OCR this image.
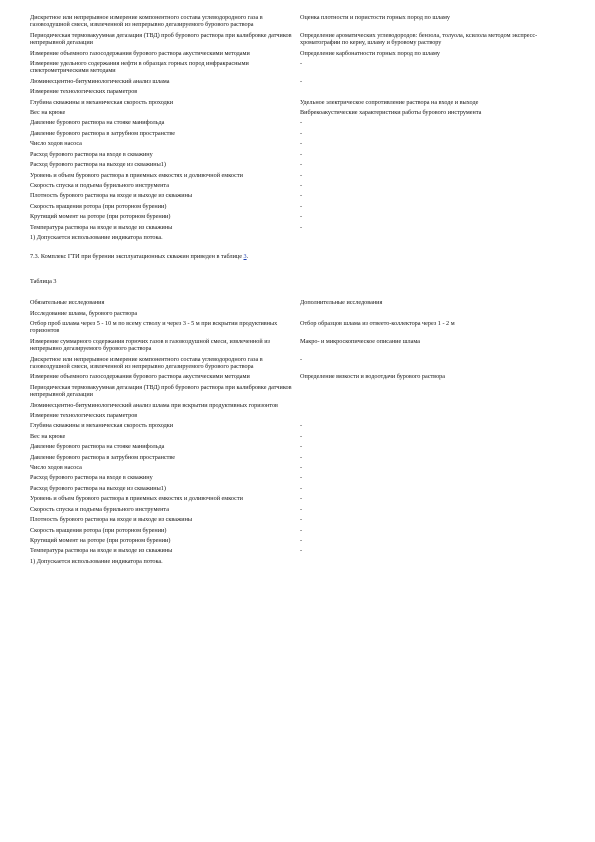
Дискретное или непрерывное измерение компонентного состава углеводородного газа в газовоздушной смеси, извлеченной из непрерывно дегазируемого бурового раствора	Оценка плотности и пористости горных пород по шламу
Периодическая термовакуумная дегазация (ТВД) проб бурового раствора при калибровке датчиков непрерывной дегазации	Определение ароматических углеводородов: бензола, толуола, ксилола методом экспресс-хроматографии по керну, шламу и буровому раствору
Измерение объемного газосодержания бурового раствора акустическими методами	Определение карбонатности горных пород по шламу
Измерение удельного содержания нефти в образцах горных пород инфракрасными спектрометрическими методами	-
Люминесцентно-битуминологический анализ шлама	-
Измерение технологических параметров	
Глубина скважины и механическая скорость проходки	Удельное электрическое сопротивление раствора на входе и выходе
Вес на крюке	Вибрекоакустические характеристики работы бурового инструмента
Давление бурового раствора на стояке манифольда	-
Давление бурового раствора в затрубном пространстве	-
Число ходов насоса	-
Расход бурового раствора на входе в скважину	-
Расход бурового раствора на выходе из скважины1)	-
Уровень и объем бурового раствора в приемных емкостях и доливочной емкости	-
Скорость спуска и подъема бурильного инструмента	-
Плотность бурового раствора на входе и выходе из скважины	-
Скорость вращения ротора (при роторном бурении)	-
Крутящий момент на роторе (при роторном бурении)	-
Температура раствора на входе и выходе из скважины	-
1) Допускается использование индикатора потока.
7.3. Комплекс ГТИ при бурении эксплуатационных скважин приведен в таблице 3.
Таблица 3
Обязательные исследования	Дополнительные исследования
Исследование шлама, бурового раствора	
Отбор проб шлама через 5 - 10 м по всему стволу и через 3 - 5 м при вскрытии продуктивных горизонтов	Отбор образцов шлама из отвеето-коллектора через 1 - 2 м
Измерение суммарного содержания горючих газов в газовоздушной смеси, извлеченной из непрерывно дегазируемого бурового раствора	Макро- и микроскопическое описание шлама
Дискретное или непрерывное измерение компонентного состава углеводородного газа в газовоздушной смеси, извлеченной из непрерывно дегазируемого бурового раствора	-
Измерение объемного газосодержания бурового раствора акустическими методами	Определение вязкости и водоотдачи бурового раствора
Периодическая термовакуумная дегазация (ТВД) проб бурового раствора при калибровке датчиков непрерывной дегазации	
Люминесцентно-битуминологический анализ шлама при вскрытии продуктивных горизонтов	
Измерение технологических параметров	
Глубина скважины и механическая скорость проходки	-
Вес на крюке	-
Давление бурового раствора на стояке манифольда	-
Давление бурового раствора в затрубном пространстве	-
Число ходов насоса	-
Расход бурового раствора на входе в скважину	-
Расход бурового раствора на выходе из скважины1)	-
Уровень и объем бурового раствора в приемных емкостях и доливочной емкости	-
Скорость спуска и подъема бурильного инструмента	-
Плотность бурового раствора на входе и выходе из скважины	-
Скорость вращения ротора (при роторном бурении)	-
Крутящий момент на роторе (при роторном бурении)	-
Температура раствора на входе и выходе из скважины	-
1) Допускается использование индикатора потока.
